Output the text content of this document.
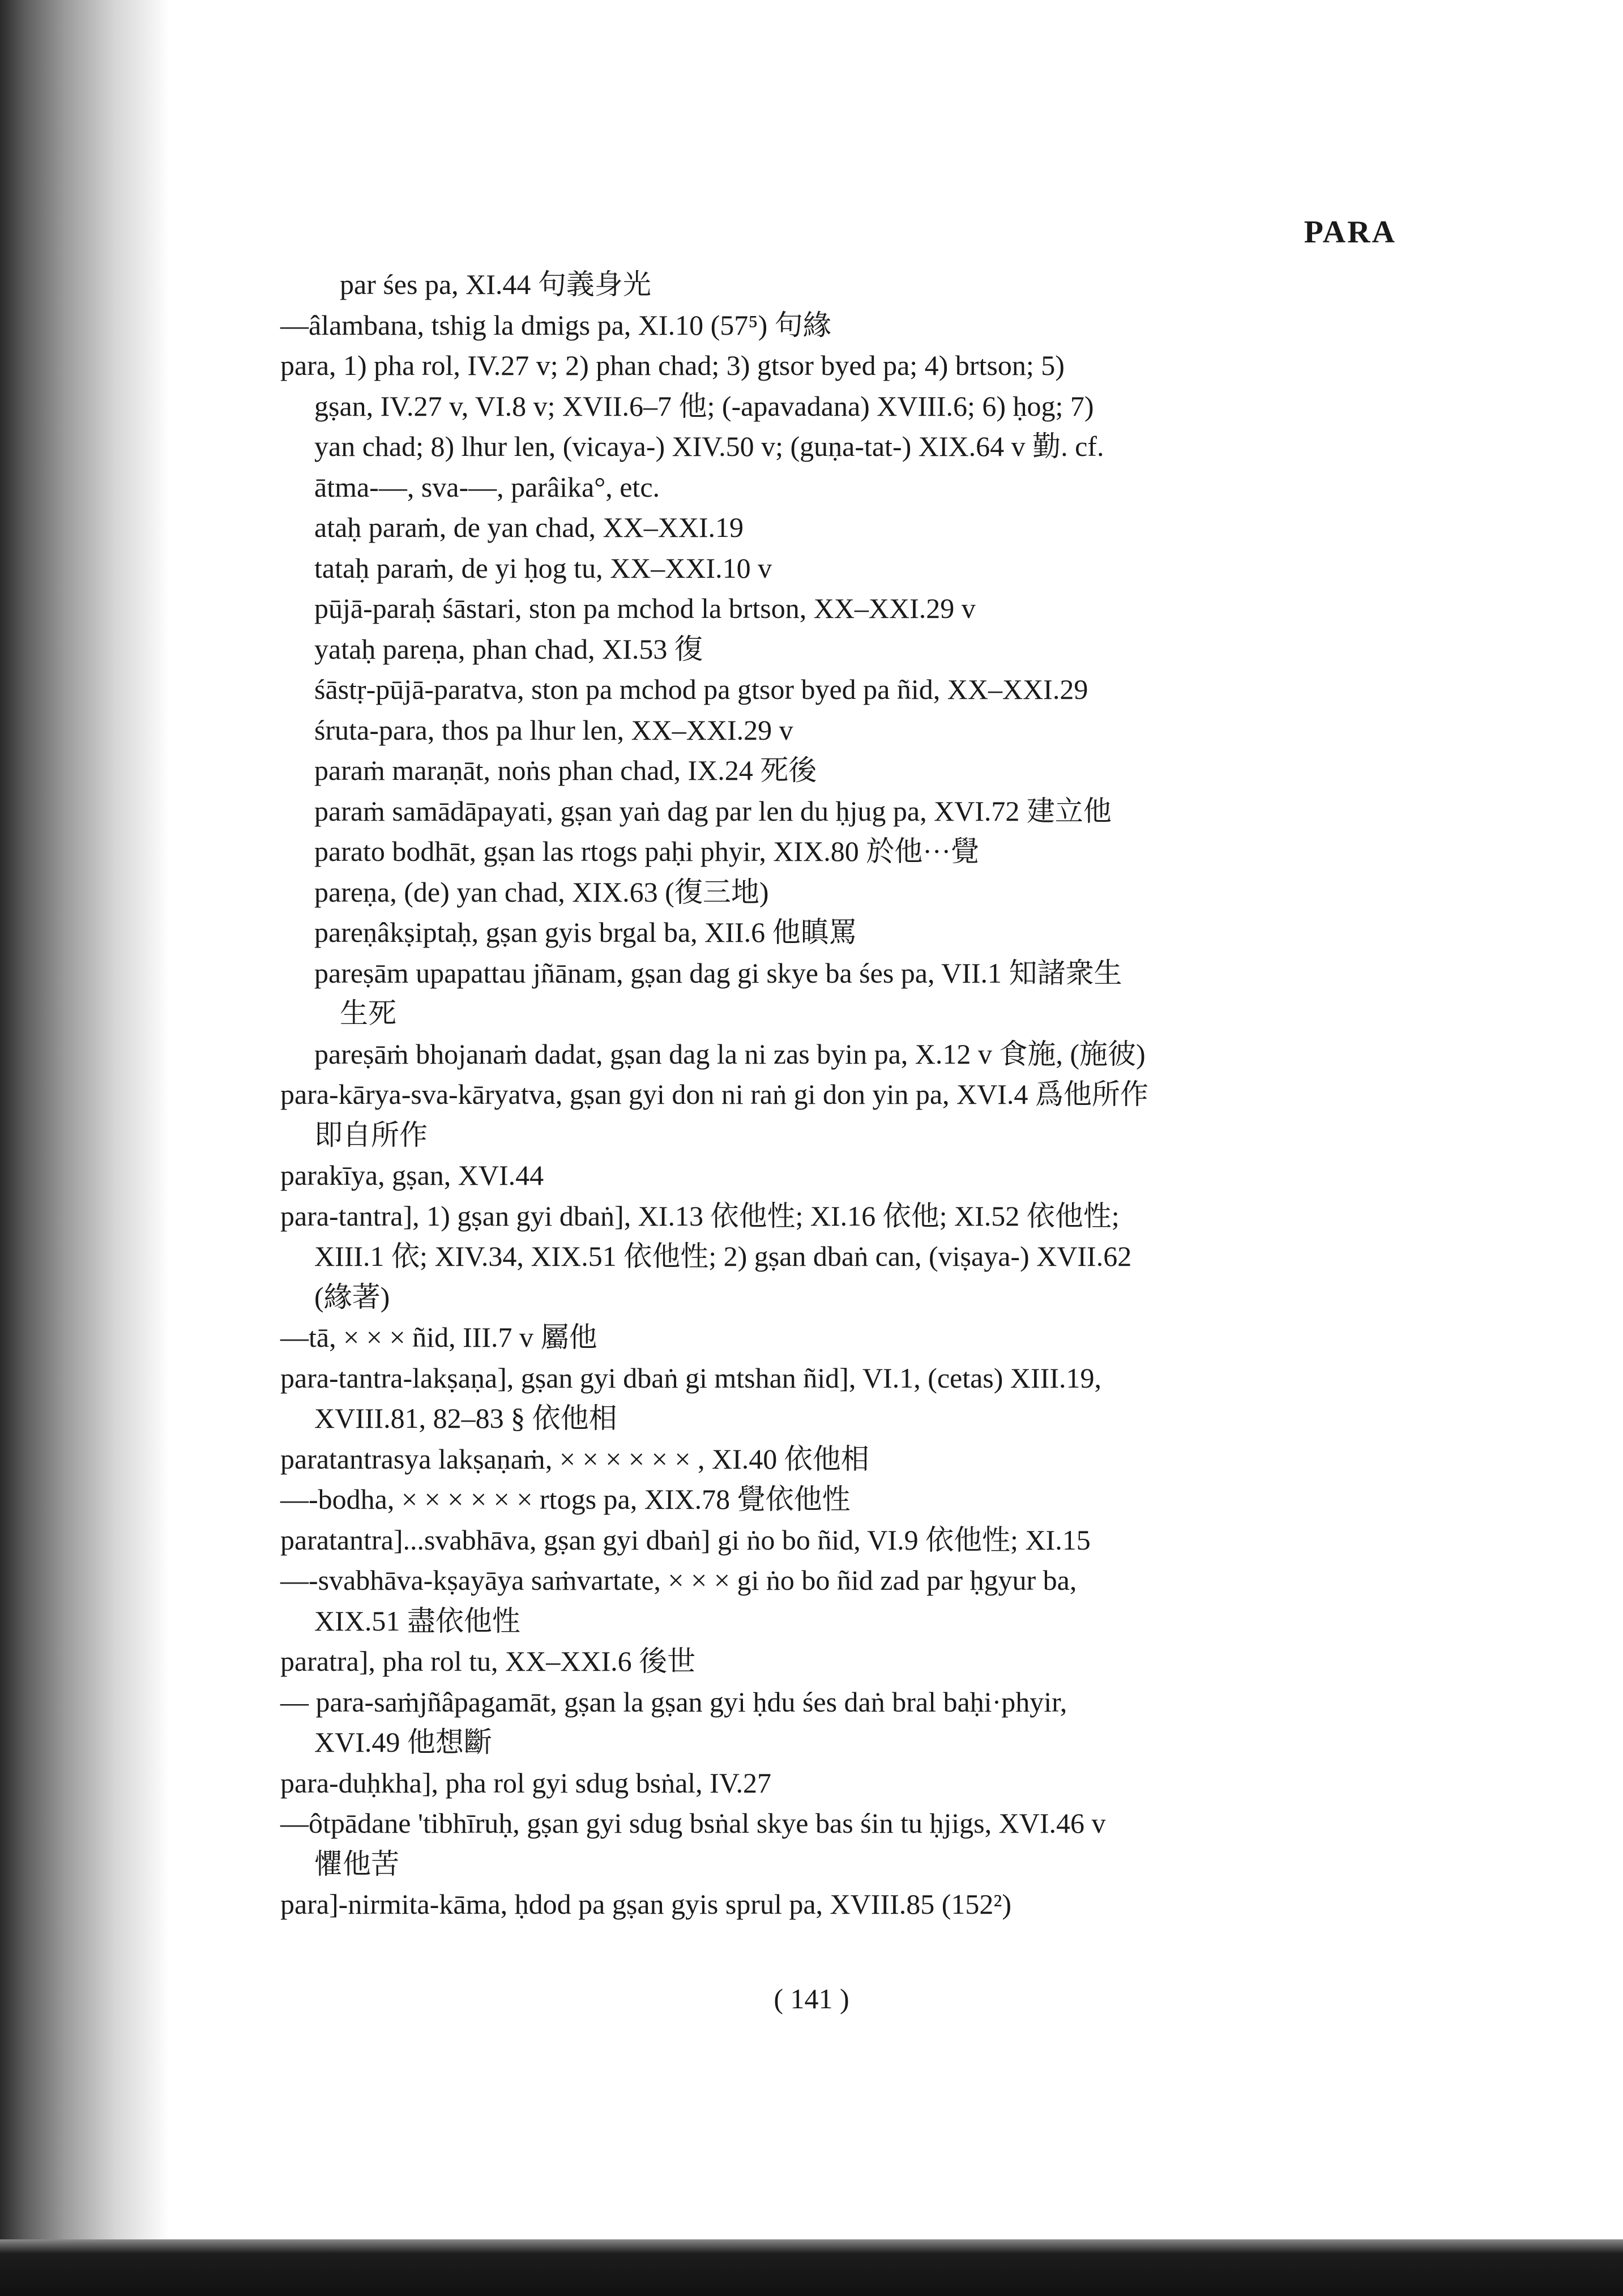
PARA
par śes pa, XI.44 句義身光
—âlambana, tshig la dmigs pa, XI.10 (57⁵) 句緣
para, 1) pha rol, IV.27 v; 2) phan chad; 3) gtsor byed pa; 4) brtson; 5)
gṣan, IV.27 v, VI.8 v; XVII.6–7 他; (-apavadana) XVIII.6; 6) ḥog; 7)
yan chad; 8) lhur len, (vicaya-) XIV.50 v; (guṇa-tat-) XIX.64 v 勤. cf.
ātma-—, sva-—, parâika°, etc.
ataḥ paraṁ, de yan chad, XX–XXI.19
tataḥ paraṁ, de yi ḥog tu, XX–XXI.10 v
pūjā-paraḥ śāstari, ston pa mchod la brtson, XX–XXI.29 v
yataḥ pareṇa, phan chad, XI.53 復
śāstṛ-pūjā-paratva, ston pa mchod pa gtsor byed pa ñid, XX–XXI.29
śruta-para, thos pa lhur len, XX–XXI.29 v
paraṁ maraṇāt, noṅs phan chad, IX.24 死後
paraṁ samādāpayati, gṣan yaṅ dag par len du ḥjug pa, XVI.72 建立他
parato bodhāt, gṣan las rtogs paḥi phyir, XIX.80 於他···覺
pareṇa, (de) yan chad, XIX.63 (復三地)
pareṇâkṣiptaḥ, gṣan gyis brgal ba, XII.6 他瞋罵
pareṣām upapattau jñānam, gṣan dag gi skye ba śes pa, VII.1 知諸衆生
生死
pareṣāṁ bhojanaṁ dadat, gṣan dag la ni zas byin pa, X.12 v 食施, (施彼)
para-kārya-sva-kāryatva, gṣan gyi don ni raṅ gi don yin pa, XVI.4 爲他所作
即自所作
parakīya, gṣan, XVI.44
para-tantra], 1) gṣan gyi dbaṅ], XI.13 依他性; XI.16 依他; XI.52 依他性;
XIII.1 依; XIV.34, XIX.51 依他性; 2) gṣan dbaṅ can, (viṣaya-) XVII.62
(緣著)
—tā, × × × ñid, III.7 v 屬他
para-tantra-lakṣaṇa], gṣan gyi dbaṅ gi mtshan ñid], VI.1, (cetas) XIII.19,
XVIII.81, 82–83 § 依他相
paratantrasya lakṣaṇaṁ, × × × × × × , XI.40 依他相
—-bodha, × × × × × × rtogs pa, XIX.78 覺依他性
paratantra]...svabhāva, gṣan gyi dbaṅ] gi ṅo bo ñid, VI.9 依他性; XI.15
—-svabhāva-kṣayāya saṁvartate, × × × gi ṅo bo ñid zad par ḥgyur ba,
XIX.51 盡依他性
paratra], pha rol tu, XX–XXI.6 後世
— para-saṁjñâpagamāt, gṣan la gṣan gyi ḥdu śes daṅ bral baḥi·phyir,
XVI.49 他想斷
para-duḥkha], pha rol gyi sdug bsṅal, IV.27
—ôtpādane 'tibhīruḥ, gṣan gyi sdug bsṅal skye bas śin tu ḥjigs, XVI.46 v
懼他苦
para]-nirmita-kāma, ḥdod pa gṣan gyis sprul pa, XVIII.85 (152²)
( 141 )
